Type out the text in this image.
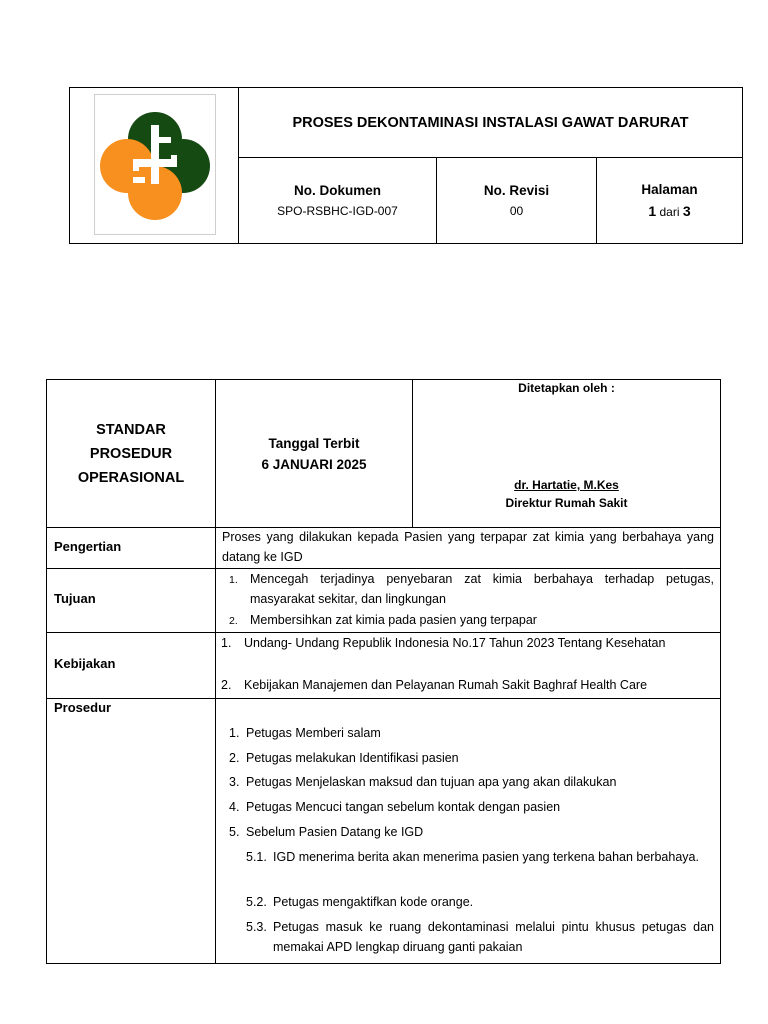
PROSES DEKONTAMINASI INSTALASI GAWAT DARURAT
No. Dokumen
SPO-RSBHC-IGD-007
No. Revisi
00
Halaman
1 dari 3
STANDAR
PROSEDUR
OPERASIONAL
Tanggal Terbit
6 JANUARI 2025
Ditetapkan oleh :
dr. Hartatie, M.Kes
Direktur Rumah Sakit
Pengertian
Proses yang dilakukan kepada Pasien yang terpapar zat kimia yang berbahaya yang datang ke IGD
Tujuan
1. Mencegah terjadinya penyebaran zat kimia berbahaya terhadap petugas, masyarakat sekitar, dan lingkungan
2. Membersihkan zat kimia pada pasien yang terpapar
Kebijakan
1. Undang- Undang Republik Indonesia No.17 Tahun 2023 Tentang Kesehatan
2. Kebijakan Manajemen dan Pelayanan Rumah Sakit Baghraf Health Care
Prosedur
1. Petugas Memberi salam
2. Petugas melakukan Identifikasi pasien
3. Petugas Menjelaskan maksud dan tujuan apa yang akan dilakukan
4. Petugas Mencuci tangan sebelum kontak dengan pasien
5. Sebelum Pasien Datang ke IGD
5.1. IGD menerima berita akan menerima pasien yang terkena bahan berbahaya.
5.2. Petugas mengaktifkan kode orange.
5.3. Petugas masuk ke ruang dekontaminasi melalui pintu khusus petugas dan memakai APD lengkap diruang ganti pakaian
